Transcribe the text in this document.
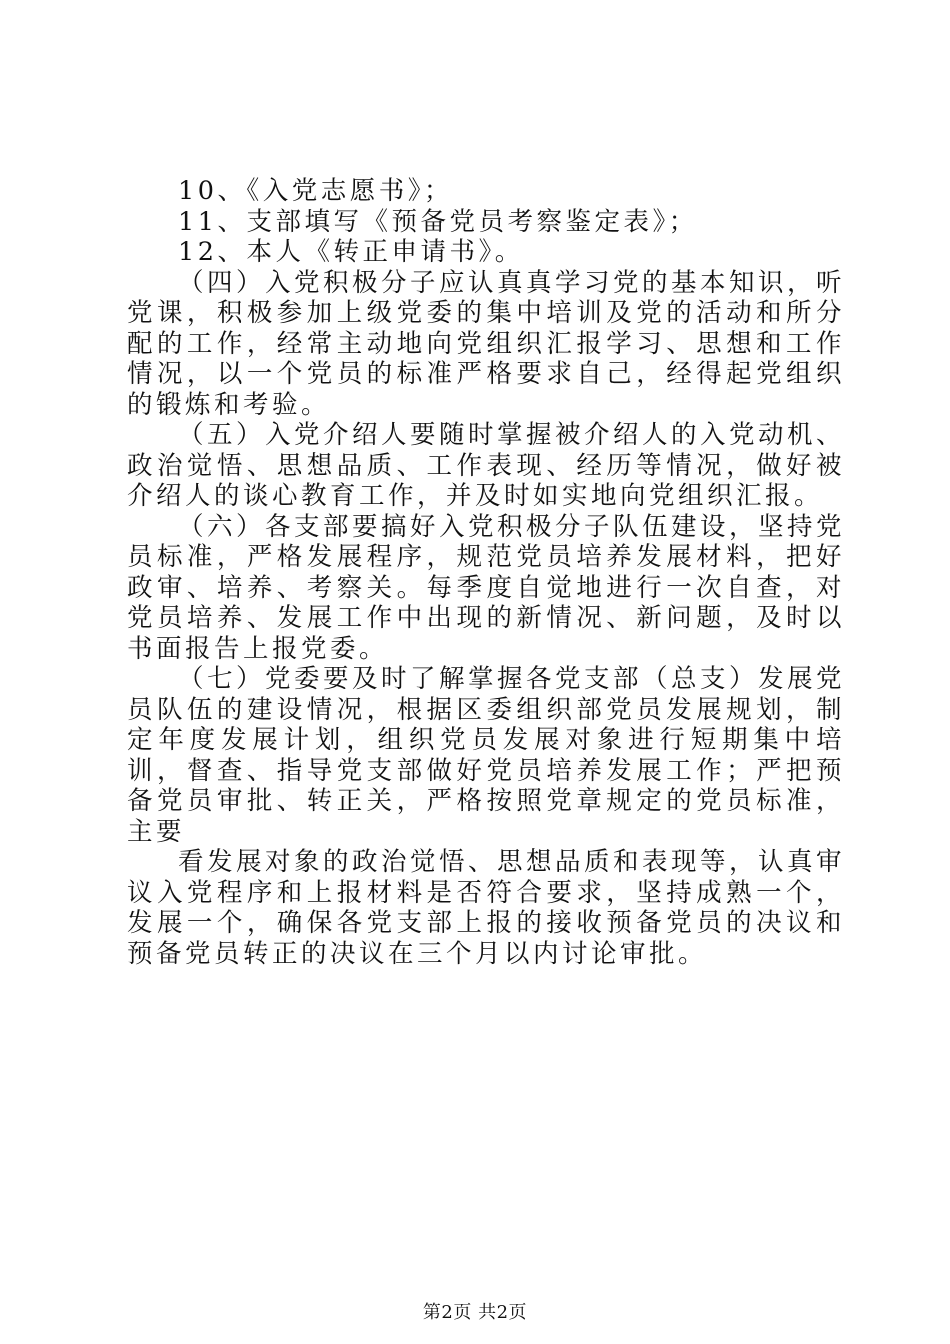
10、《入党志愿书》；

11、支部填写《预备党员考察鉴定表》；

12、本人《转正申请书》。

（四）入党积极分子应认真真学习党的基本知识，听党课，积极参加上级党委的集中培训及党的活动和所分配的工作，经常主动地向党组织汇报学习、思想和工作情况，以一个党员的标准严格要求自己，经得起党组织的锻炼和考验。

（五）入党介绍人要随时掌握被介绍人的入党动机、政治觉悟、思想品质、工作表现、经历等情况，做好被介绍人的谈心教育工作，并及时如实地向党组织汇报。

（六）各支部要搞好入党积极分子队伍建设，坚持党员标准，严格发展程序，规范党员培养发展材料，把好政审、培养、考察关。每季度自觉地进行一次自查，对党员培养、发展工作中出现的新情况、新问题，及时以书面报告上报党委。

（七）党委要及时了解掌握各党支部（总支）发展党员队伍的建设情况，根据区委组织部党员发展规划，制定年度发展计划，组织党员发展对象进行短期集中培训，督查、指导党支部做好党员培养发展工作；严把预备党员审批、转正关，严格按照党章规定的党员标准，主要

看发展对象的政治觉悟、思想品质和表现等，认真审议入党程序和上报材料是否符合要求，坚持成熟一个，发展一个，确保各党支部上报的接收预备党员的决议和预备党员转正的决议在三个月以内讨论审批。

第2页 共2页
